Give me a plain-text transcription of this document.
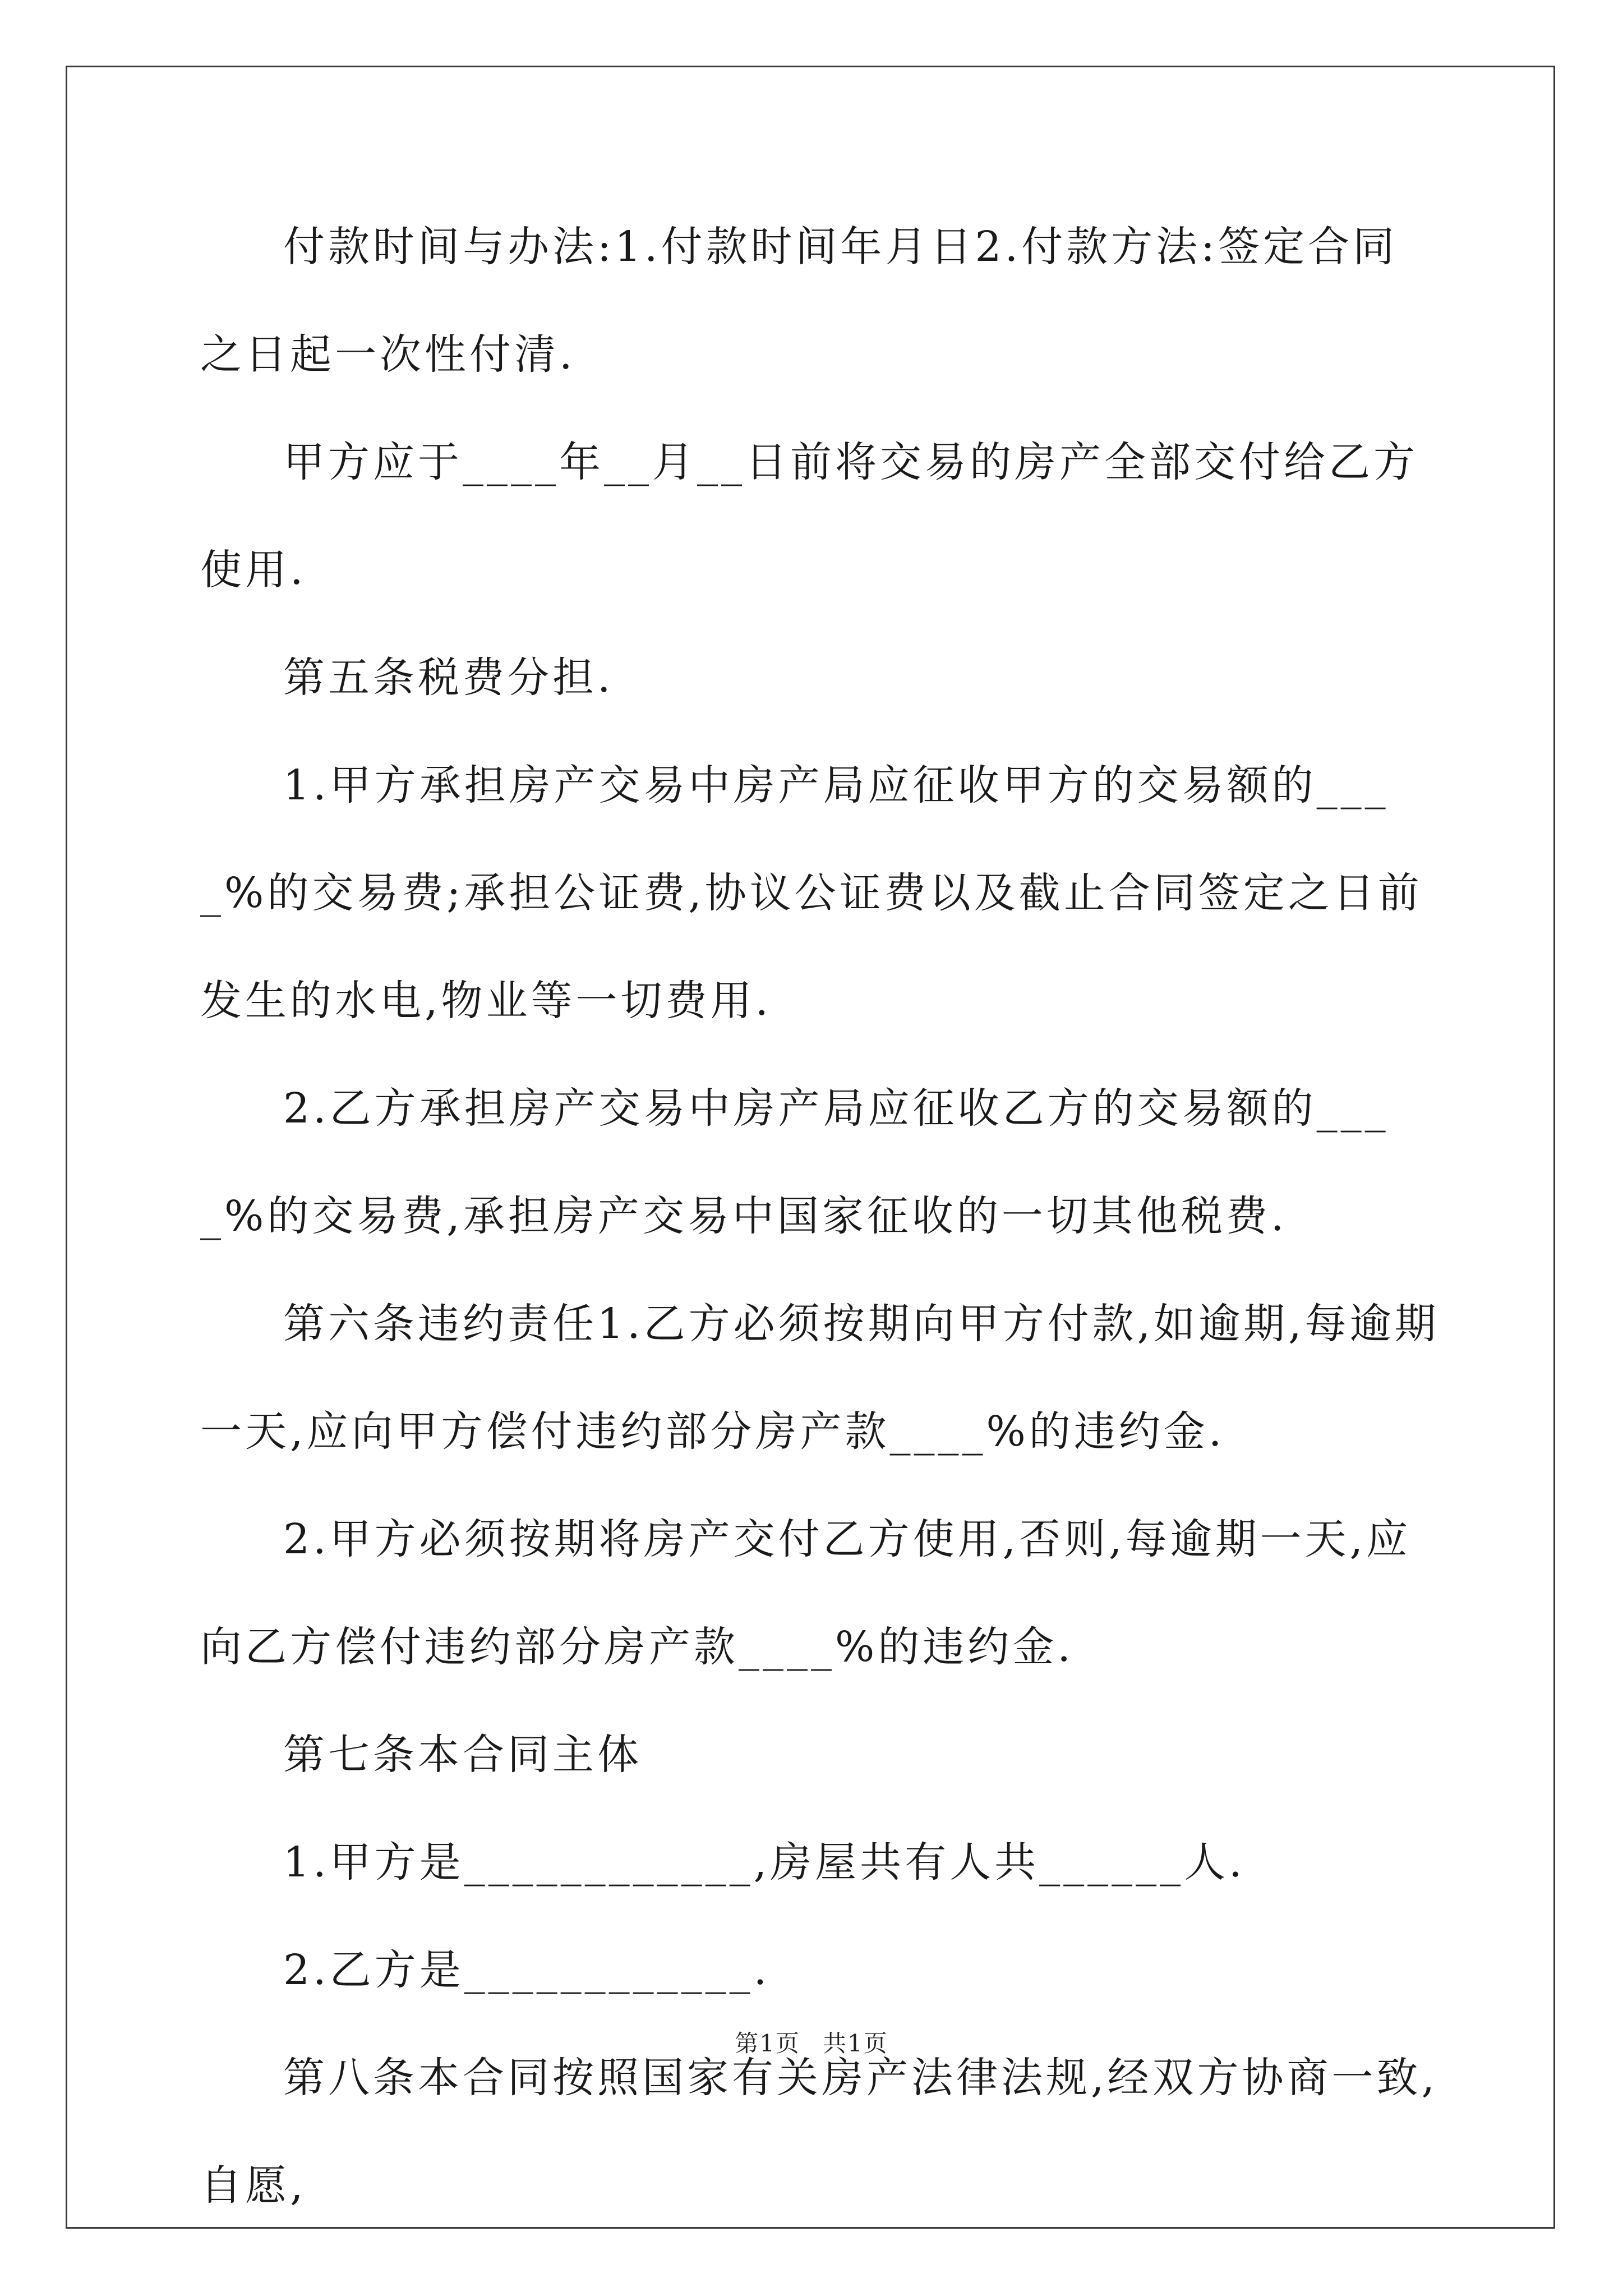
付款时间与办法:1.付款时间年月日2.付款方法:签定合同之日起一次性付清.

甲方应于____年__月__日前将交易的房产全部交付给乙方使用.

第五条税费分担.

1.甲方承担房产交易中房产局应征收甲方的交易额的____%的交易费;承担公证费,协议公证费以及截止合同签定之日前发生的水电,物业等一切费用.

2.乙方承担房产交易中房产局应征收乙方的交易额的____%的交易费,承担房产交易中国家征收的一切其他税费.

第六条违约责任1.乙方必须按期向甲方付款,如逾期,每逾期一天,应向甲方偿付违约部分房产款____%的违约金.

2.甲方必须按期将房产交付乙方使用,否则,每逾期一天,应向乙方偿付违约部分房产款____%的违约金.

第七条本合同主体

1.甲方是____________,房屋共有人共______人.

2.乙方是____________.

第八条本合同按照国家有关房产法律法规,经双方协商一致,自愿,

第1页 共1页
